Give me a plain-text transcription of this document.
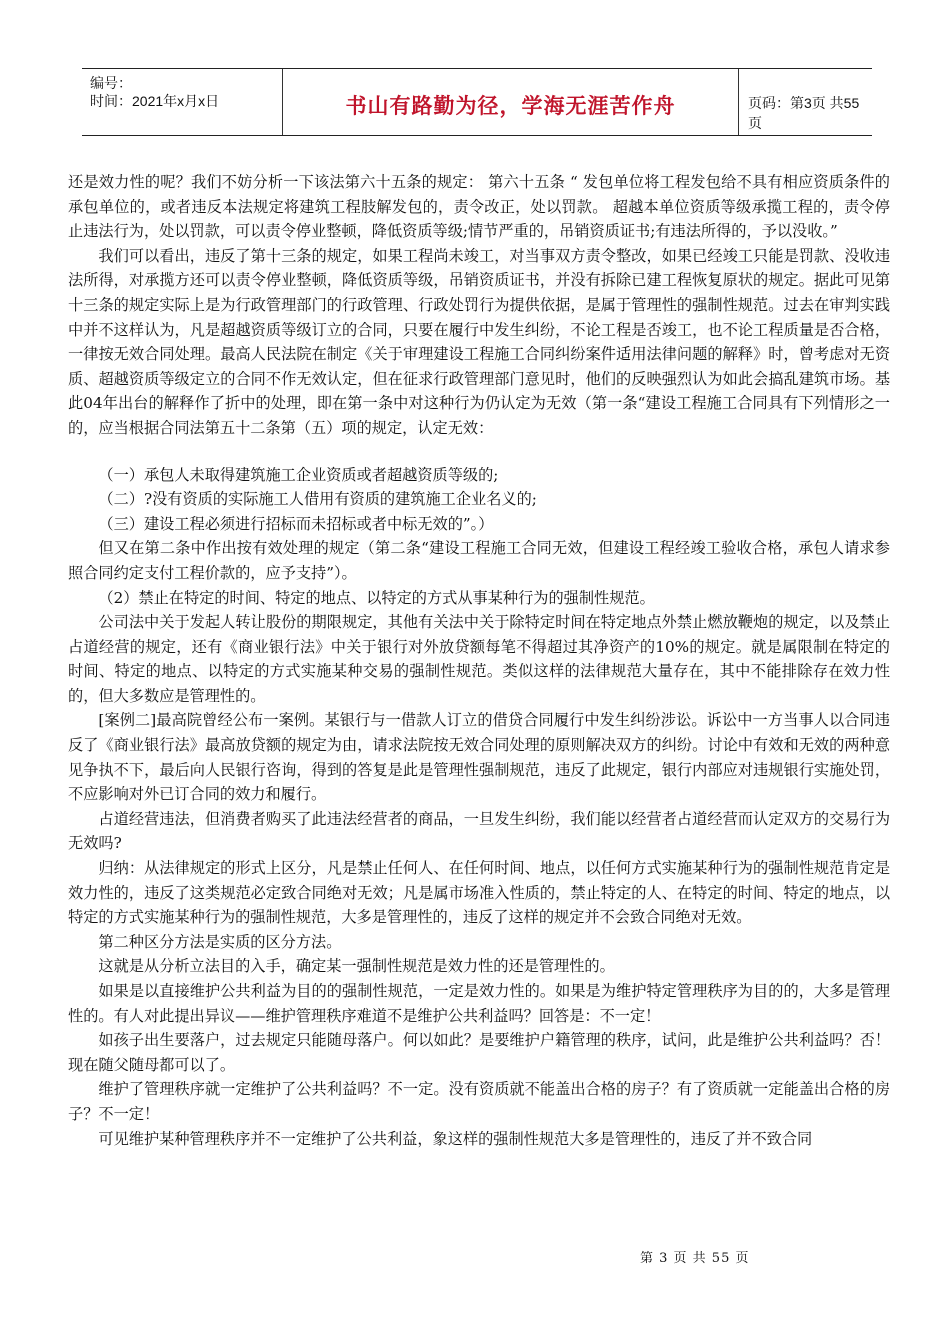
编号：
时间：2021年x月x日	书山有路勤为径，学海无涯苦作舟	页码：第3页 共55页

还是效力性的呢？我们不妨分析一下该法第六十五条的规定： 第六十五条 “ 发包单位将工程发包给不具有相应资质条件的承包单位的，或者违反本法规定将建筑工程肢解发包的，责令改正，处以罚款。 超越本单位资质等级承揽工程的，责令停止违法行为，处以罚款，可以责令停业整顿，降低资质等级;情节严重的，吊销资质证书;有违法所得的，予以没收。”

我们可以看出，违反了第十三条的规定，如果工程尚未竣工，对当事双方责令整改，如果已经竣工只能是罚款、没收违法所得，对承揽方还可以责令停业整顿，降低资质等级，吊销资质证书，并没有拆除已建工程恢复原状的规定。据此可见第十三条的规定实际上是为行政管理部门的行政管理、行政处罚行为提供依据，是属于管理性的强制性规范。过去在审判实践中并不这样认为，凡是超越资质等级订立的合同，只要在履行中发生纠纷，不论工程是否竣工，也不论工程质量是否合格，一律按无效合同处理。最高人民法院在制定《关于审理建设工程施工合同纠纷案件适用法律问题的解释》时，曾考虑对无资质、超越资质等级定立的合同不作无效认定，但在征求行政管理部门意见时，他们的反映强烈认为如此会搞乱建筑市场。基此04年出台的解释作了折中的处理，即在第一条中对这种行为仍认定为无效（第一条“建设工程施工合同具有下列情形之一的，应当根据合同法第五十二条第（五）项的规定，认定无效：

（一）承包人未取得建筑施工企业资质或者超越资质等级的;

（二）?没有资质的实际施工人借用有资质的建筑施工企业名义的;

（三）建设工程必须进行招标而未招标或者中标无效的”。）

但又在第二条中作出按有效处理的规定（第二条“建设工程施工合同无效，但建设工程经竣工验收合格，承包人请求参照合同约定支付工程价款的，应予支持”）。

（2）禁止在特定的时间、特定的地点、以特定的方式从事某种行为的强制性规范。

公司法中关于发起人转让股份的期限规定，其他有关法中关于除特定时间在特定地点外禁止燃放鞭炮的规定，以及禁止占道经营的规定，还有《商业银行法》中关于银行对外放贷额每笔不得超过其净资产的10%的规定。就是属限制在特定的时间、特定的地点、以特定的方式实施某种交易的强制性规范。类似这样的法律规范大量存在，其中不能排除存在效力性的，但大多数应是管理性的。

[案例二]最高院曾经公布一案例。某银行与一借款人订立的借贷合同履行中发生纠纷涉讼。诉讼中一方当事人以合同违反了《商业银行法》最高放贷额的规定为由，请求法院按无效合同处理的原则解决双方的纠纷。讨论中有效和无效的两种意见争执不下，最后向人民银行咨询，得到的答复是此是管理性强制规范，违反了此规定，银行内部应对违规银行实施处罚，不应影响对外已订合同的效力和履行。

占道经营违法，但消费者购买了此违法经营者的商品，一旦发生纠纷，我们能以经营者占道经营而认定双方的交易行为无效吗?

归纳：从法律规定的形式上区分，凡是禁止任何人、在任何时间、地点，以任何方式实施某种行为的强制性规范肯定是效力性的，违反了这类规范必定致合同绝对无效；凡是属市场准入性质的，禁止特定的人、在特定的时间、特定的地点，以特定的方式实施某种行为的强制性规范，大多是管理性的，违反了这样的规定并不会致合同绝对无效。

第二种区分方法是实质的区分方法。

这就是从分析立法目的入手，确定某一强制性规范是效力性的还是管理性的。

如果是以直接维护公共利益为目的的强制性规范，一定是效力性的。如果是为维护特定管理秩序为目的的，大多是管理性的。有人对此提出异议——维护管理秩序难道不是维护公共利益吗？回答是：不一定！

如孩子出生要落户，过去规定只能随母落户。何以如此？是要维护户籍管理的秩序，试问，此是维护公共利益吗？否！现在随父随母都可以了。

维护了管理秩序就一定维护了公共利益吗？不一定。没有资质就不能盖出合格的房子？有了资质就一定能盖出合格的房子？不一定！

可见维护某种管理秩序并不一定维护了公共利益，象这样的强制性规范大多是管理性的，违反了并不致合同

第 3 页 共 55 页
